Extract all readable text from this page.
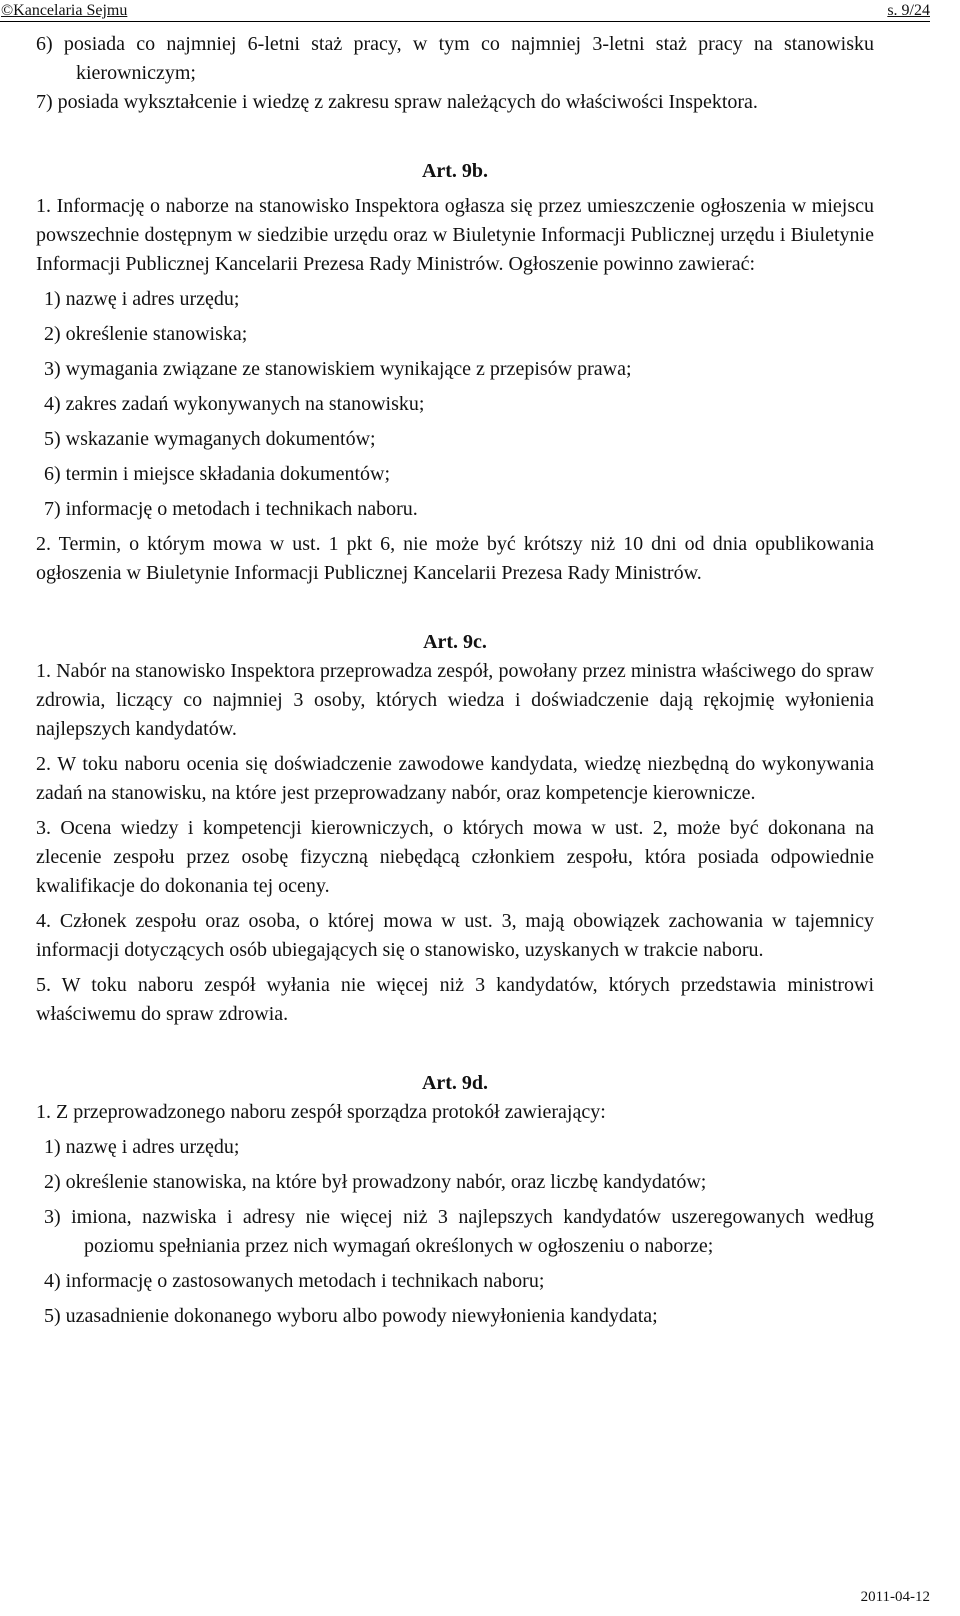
©Kancelaria Sejmu	s. 9/24

6) posiada co najmniej 6-letni staż pracy, w tym co najmniej 3-letni staż pracy na stanowisku kierowniczym;

7) posiada wykształcenie i wiedzę z zakresu spraw należących do właściwości Inspektora.

Art. 9b.

1. Informację o naborze na stanowisko Inspektora ogłasza się przez umieszczenie ogłoszenia w miejscu powszechnie dostępnym w siedzibie urzędu oraz w Biuletynie Informacji Publicznej urzędu i Biuletynie Informacji Publicznej Kancelarii Prezesa Rady Ministrów. Ogłoszenie powinno zawierać:

1) nazwę i adres urzędu;

2) określenie stanowiska;

3) wymagania związane ze stanowiskiem wynikające z przepisów prawa;

4) zakres zadań wykonywanych na stanowisku;

5) wskazanie wymaganych dokumentów;

6) termin i miejsce składania dokumentów;

7) informację o metodach i technikach naboru.

2. Termin, o którym mowa w ust. 1 pkt 6, nie może być krótszy niż 10 dni od dnia opublikowania ogłoszenia w Biuletynie Informacji Publicznej Kancelarii Prezesa Rady Ministrów.

Art. 9c.

1. Nabór na stanowisko Inspektora przeprowadza zespół, powołany przez ministra właściwego do spraw zdrowia, liczący co najmniej 3 osoby, których wiedza i doświadczenie dają rękojmię wyłonienia najlepszych kandydatów.

2. W toku naboru ocenia się doświadczenie zawodowe kandydata, wiedzę niezbędną do wykonywania zadań na stanowisku, na które jest przeprowadzany nabór, oraz kompetencje kierownicze.

3. Ocena wiedzy i kompetencji kierowniczych, o których mowa w ust. 2, może być dokonana na zlecenie zespołu przez osobę fizyczną niebędącą członkiem zespołu, która posiada odpowiednie kwalifikacje do dokonania tej oceny.

4. Członek zespołu oraz osoba, o której mowa w ust. 3, mają obowiązek zachowania w tajemnicy informacji dotyczących osób ubiegających się o stanowisko, uzyskanych w trakcie naboru.

5. W toku naboru zespół wyłania nie więcej niż 3 kandydatów, których przedstawia ministrowi właściwemu do spraw zdrowia.

Art. 9d.

1. Z przeprowadzonego naboru zespół sporządza protokół zawierający:

1) nazwę i adres urzędu;

2) określenie stanowiska, na które był prowadzony nabór, oraz liczbę kandydatów;

3) imiona, nazwiska i adresy nie więcej niż 3 najlepszych kandydatów uszeregowanych według poziomu spełniania przez nich wymagań określonych w ogłoszeniu o naborze;

4) informację o zastosowanych metodach i technikach naboru;

5) uzasadnienie dokonanego wyboru albo powody niewyłonienia kandydata;

2011-04-12
